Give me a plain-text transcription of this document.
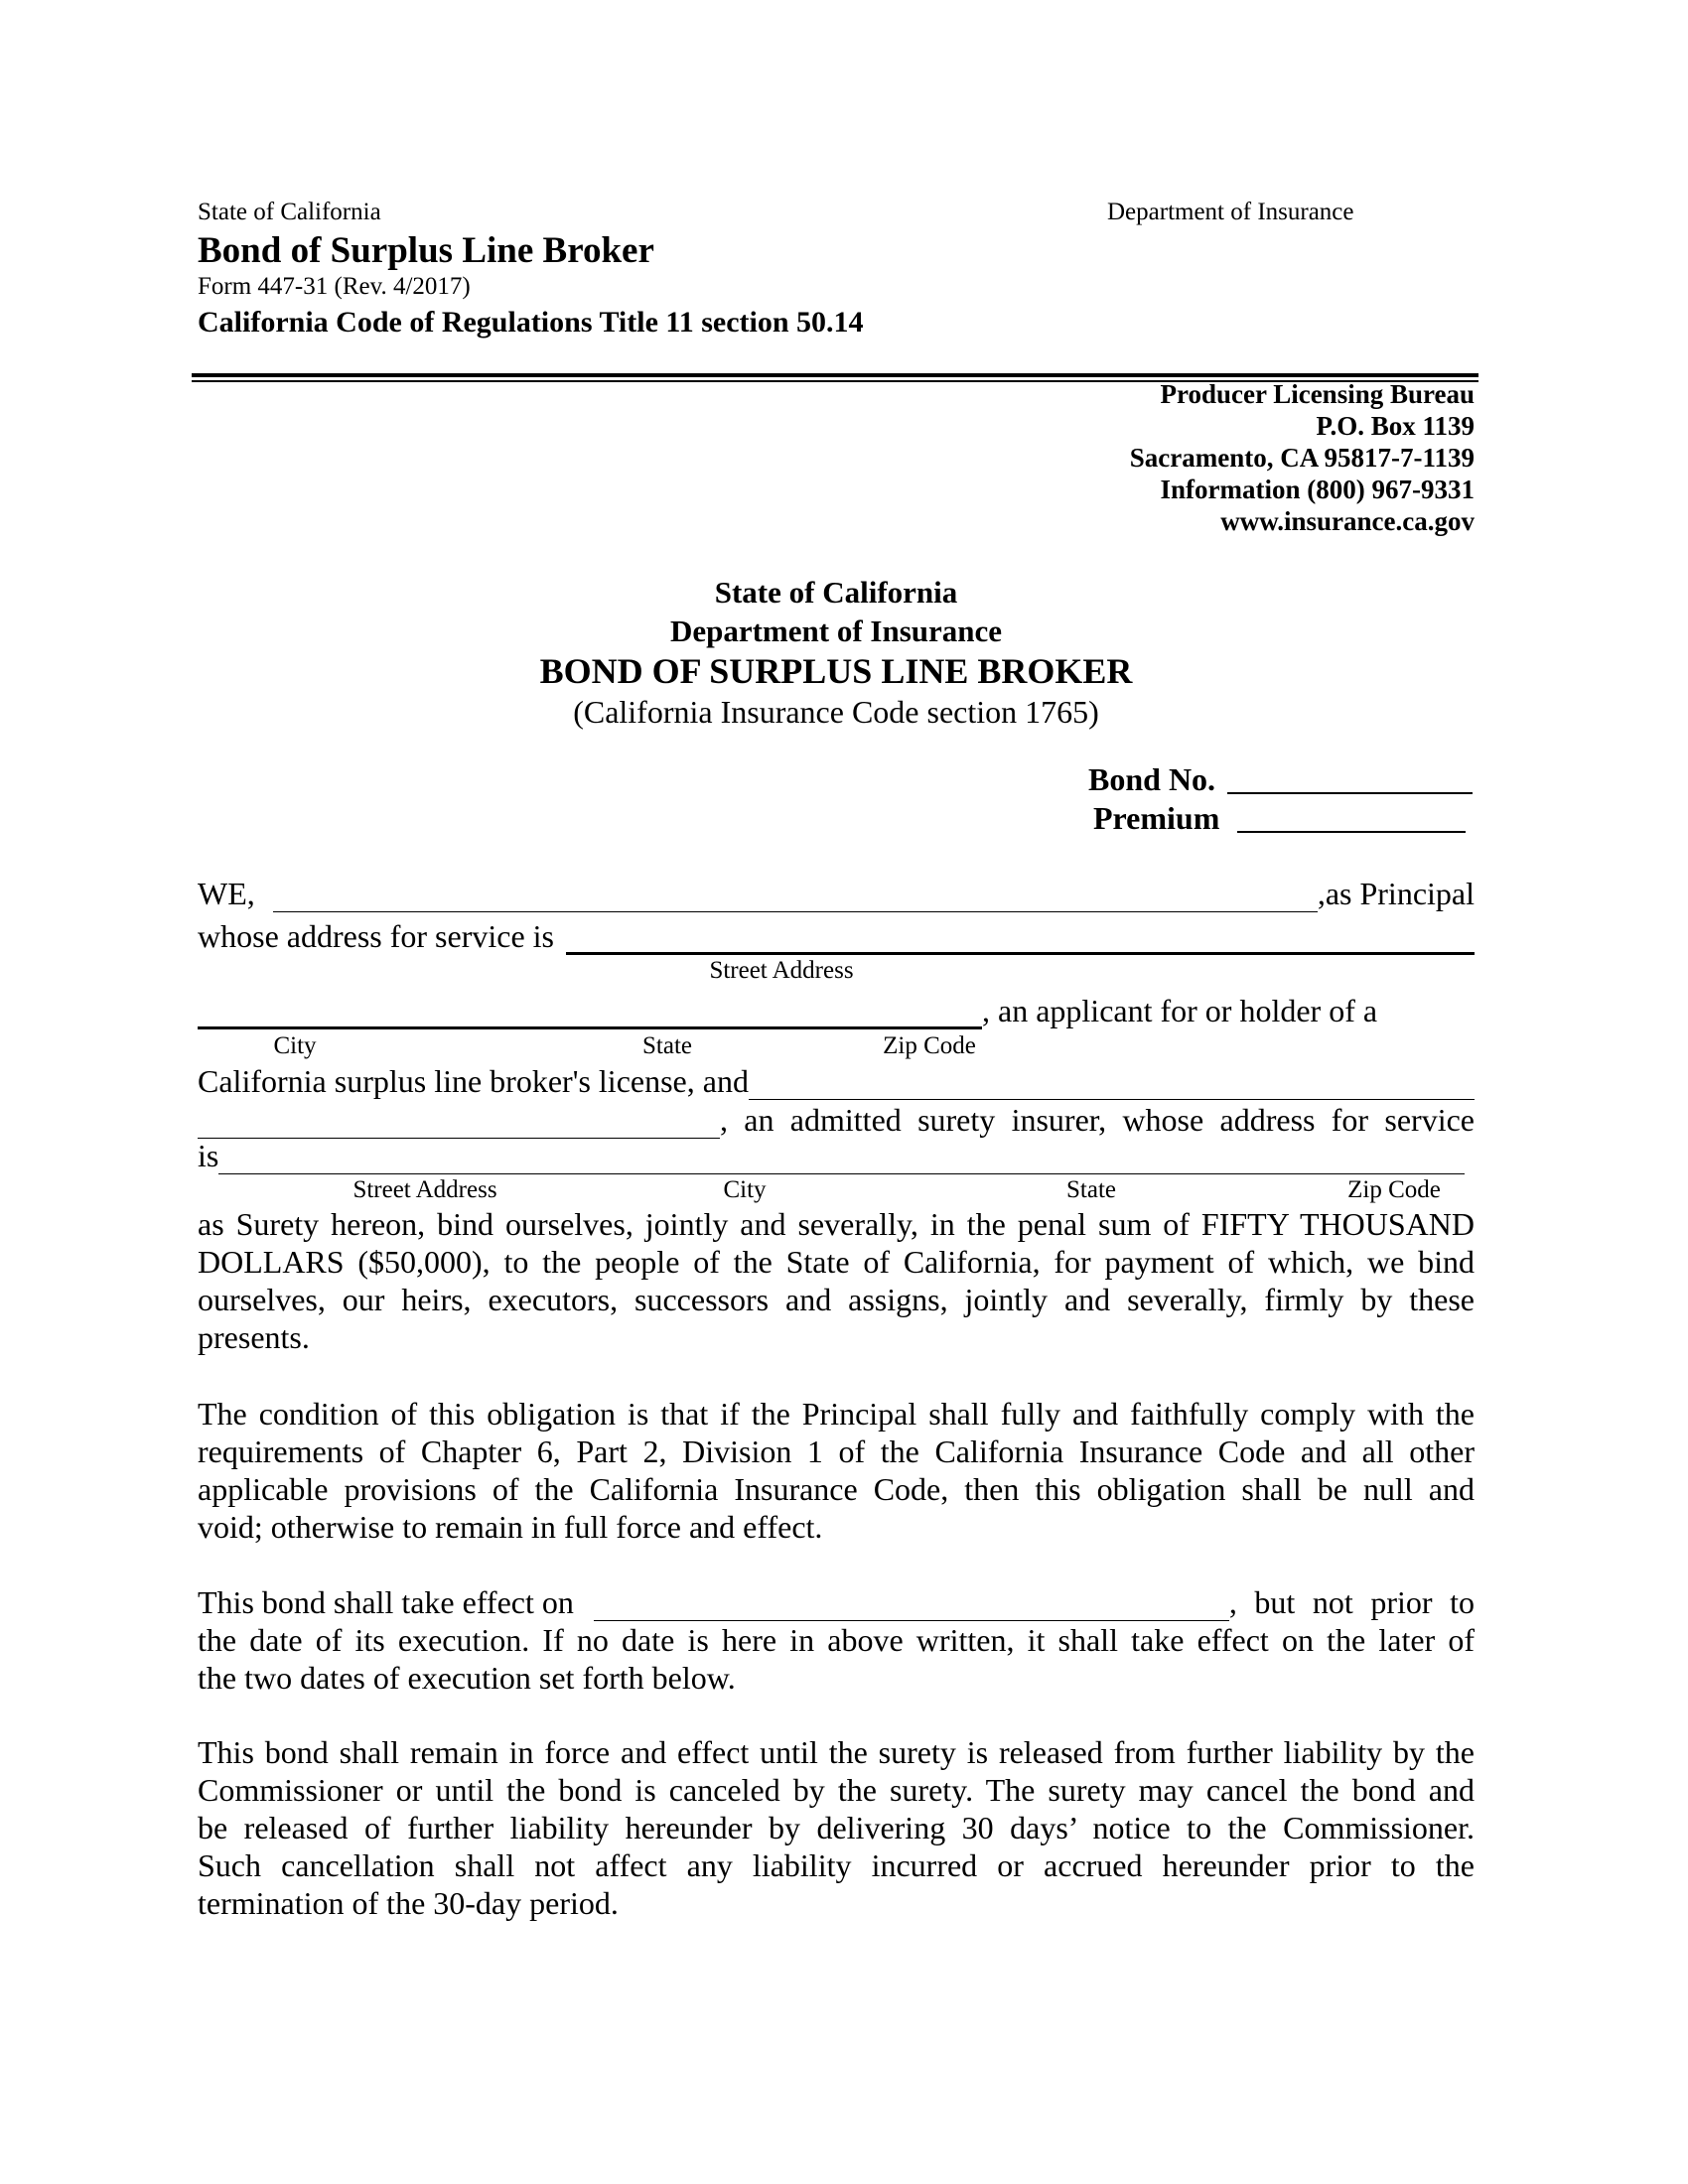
State of California	Department of Insurance
Bond of Surplus Line Broker
Form 447-31 (Rev. 4/2017)
California Code of Regulations Title 11 section 50.14
Producer Licensing Bureau
P.O. Box 1139
Sacramento, CA 95817-7-1139
Information (800) 967-9331
www.insurance.ca.gov
State of California
Department of Insurance
BOND OF SURPLUS LINE BROKER
(California Insurance Code section 1765)
Bond No.
Premium
WE,	,as Principal
whose address for service is
Street Address
, an applicant for or holder of a
City	State	Zip Code
California surplus line broker's license, and
, an admitted surety insurer, whose address for service
is
Street Address	City	State	Zip Code
as Surety hereon, bind ourselves, jointly and severally, in the penal sum of FIFTY THOUSAND
DOLLARS ($50,000), to the people of the State of California, for payment of which, we bind
ourselves, our heirs, executors, successors and assigns, jointly and severally, firmly by these
presents.
The condition of this obligation is that if the Principal shall fully and faithfully comply with the
requirements of Chapter 6, Part 2, Division 1 of the California Insurance Code and all other
applicable provisions of the California Insurance Code, then this obligation shall be null and
void; otherwise to remain in full force and effect.
This bond shall take effect on	, but not prior to
the date of its execution. If no date is here in above written, it shall take effect on the later of
the two dates of execution set forth below.
This bond shall remain in force and effect until the surety is released from further liability by the
Commissioner or until the bond is canceled by the surety. The surety may cancel the bond and
be released of further liability hereunder by delivering 30 days’ notice to the Commissioner.
Such cancellation shall not affect any liability incurred or accrued hereunder prior to the
termination of the 30-day period.
